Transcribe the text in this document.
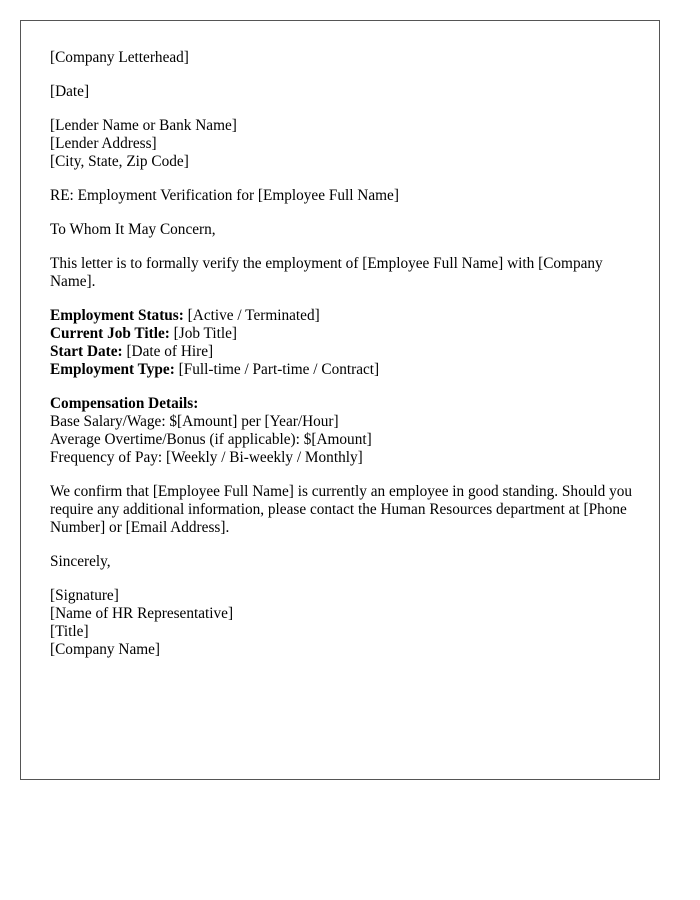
[Company Letterhead]

[Date]

[Lender Name or Bank Name]
[Lender Address]
[City, State, Zip Code]

RE: Employment Verification for [Employee Full Name]

To Whom It May Concern,

This letter is to formally verify the employment of [Employee Full Name] with [Company Name].

Employment Status: [Active / Terminated]
Current Job Title: [Job Title]
Start Date: [Date of Hire]
Employment Type: [Full-time / Part-time / Contract]

Compensation Details:
Base Salary/Wage: $[Amount] per [Year/Hour]
Average Overtime/Bonus (if applicable): $[Amount]
Frequency of Pay: [Weekly / Bi-weekly / Monthly]

We confirm that [Employee Full Name] is currently an employee in good standing. Should you require any additional information, please contact the Human Resources department at [Phone Number] or [Email Address].

Sincerely,

[Signature]
[Name of HR Representative]
[Title]
[Company Name]
